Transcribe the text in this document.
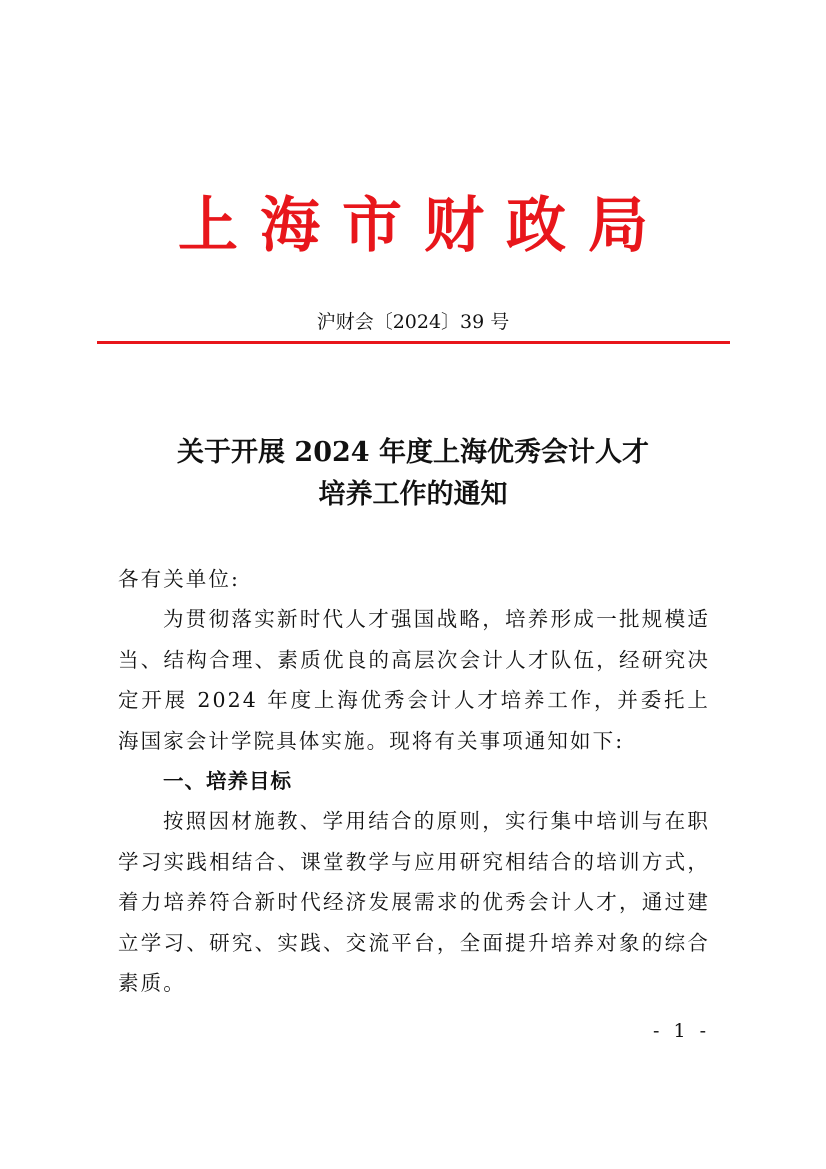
上海市财政局
沪财会〔2024〕39 号
关于开展 2024 年度上海优秀会计人才
培养工作的通知

各有关单位:

为贯彻落实新时代人才强国战略，培养形成一批规模适当、结构合理、素质优良的高层次会计人才队伍，经研究决定开展 2024 年度上海优秀会计人才培养工作，并委托上海国家会计学院具体实施。现将有关事项通知如下:

一、培养目标

按照因材施教、学用结合的原则，实行集中培训与在职学习实践相结合、课堂教学与应用研究相结合的培训方式，着力培养符合新时代经济发展需求的优秀会计人才，通过建立学习、研究、实践、交流平台，全面提升培养对象的综合素质。

- 1 -
